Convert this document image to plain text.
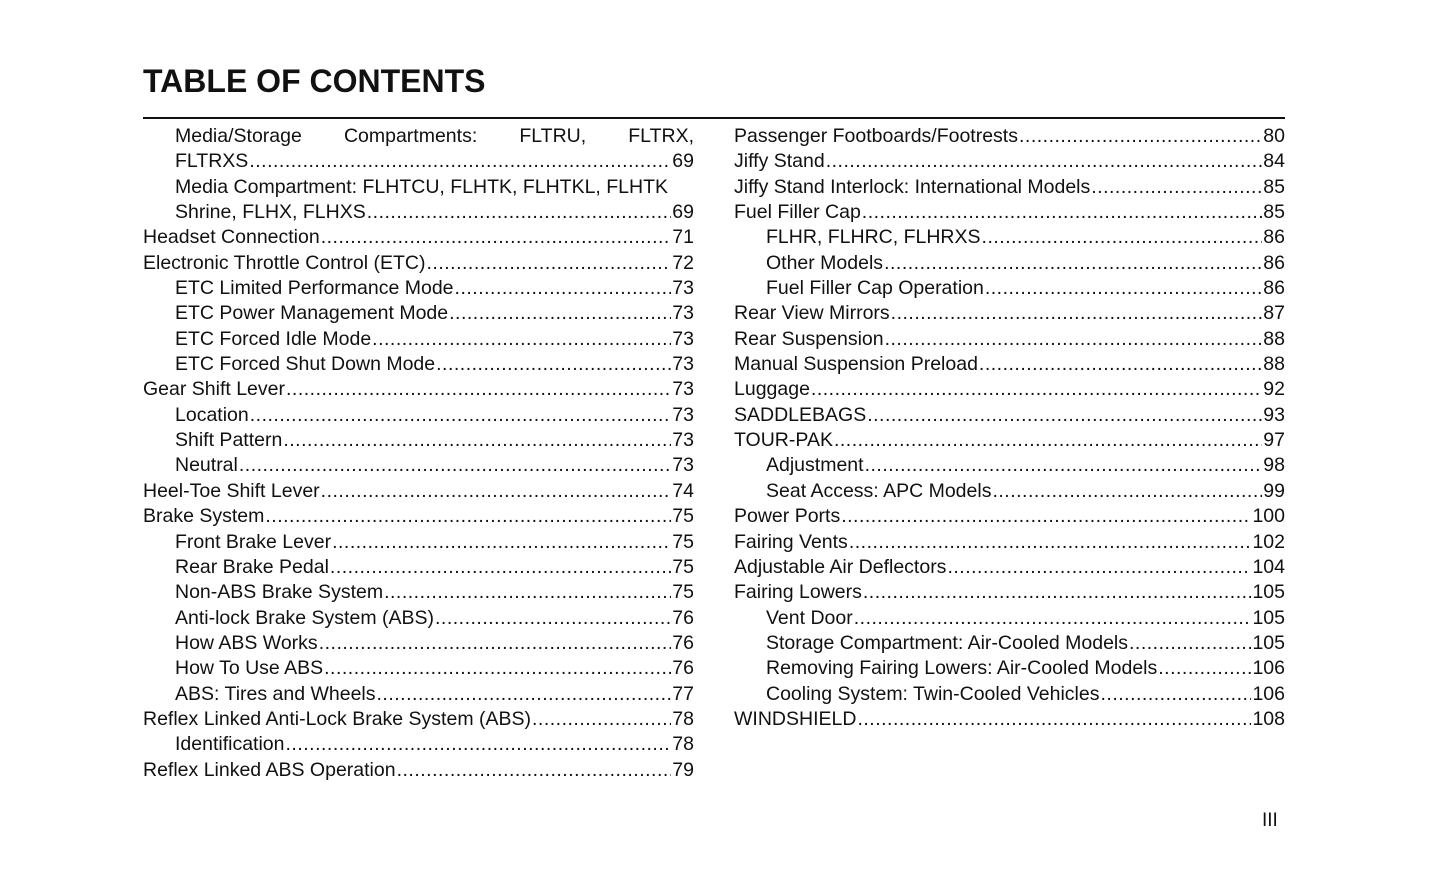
TABLE OF CONTENTS
Media/Storage Compartments: FLTRU, FLTRX,
FLTRXS .....	69
Media Compartment: FLHTCU, FLHTK, FLHTKL, FLHTK
Shrine, FLHX, FLHXS .....	69
Headset Connection .....	71
Electronic Throttle Control (ETC) .....	72
ETC Limited Performance Mode .....	73
ETC Power Management Mode .....	73
ETC Forced Idle Mode .....	73
ETC Forced Shut Down Mode .....	73
Gear Shift Lever .....	73
Location .....	73
Shift Pattern .....	73
Neutral .....	73
Heel-Toe Shift Lever .....	74
Brake System .....	75
Front Brake Lever .....	75
Rear Brake Pedal .....	75
Non-ABS Brake System .....	75
Anti-lock Brake System (ABS) .....	76
How ABS Works .....	76
How To Use ABS .....	76
ABS: Tires and Wheels .....	77
Reflex Linked Anti-Lock Brake System (ABS) .....	78
Identification .....	78
Reflex Linked ABS Operation .....	79
Passenger Footboards/Footrests .....	80
Jiffy Stand .....	84
Jiffy Stand Interlock: International Models .....	85
Fuel Filler Cap .....	85
FLHR, FLHRC, FLHRXS .....	86
Other Models .....	86
Fuel Filler Cap Operation .....	86
Rear View Mirrors .....	87
Rear Suspension .....	88
Manual Suspension Preload .....	88
Luggage .....	92
SADDLEBAGS .....	93
TOUR-PAK .....	97
Adjustment .....	98
Seat Access: APC Models .....	99
Power Ports .....	100
Fairing Vents .....	102
Adjustable Air Deflectors .....	104
Fairing Lowers .....	105
Vent Door .....	105
Storage Compartment: Air-Cooled Models .....	105
Removing Fairing Lowers: Air-Cooled Models .....	106
Cooling System: Twin-Cooled Vehicles .....	106
WINDSHIELD .....	108
III
